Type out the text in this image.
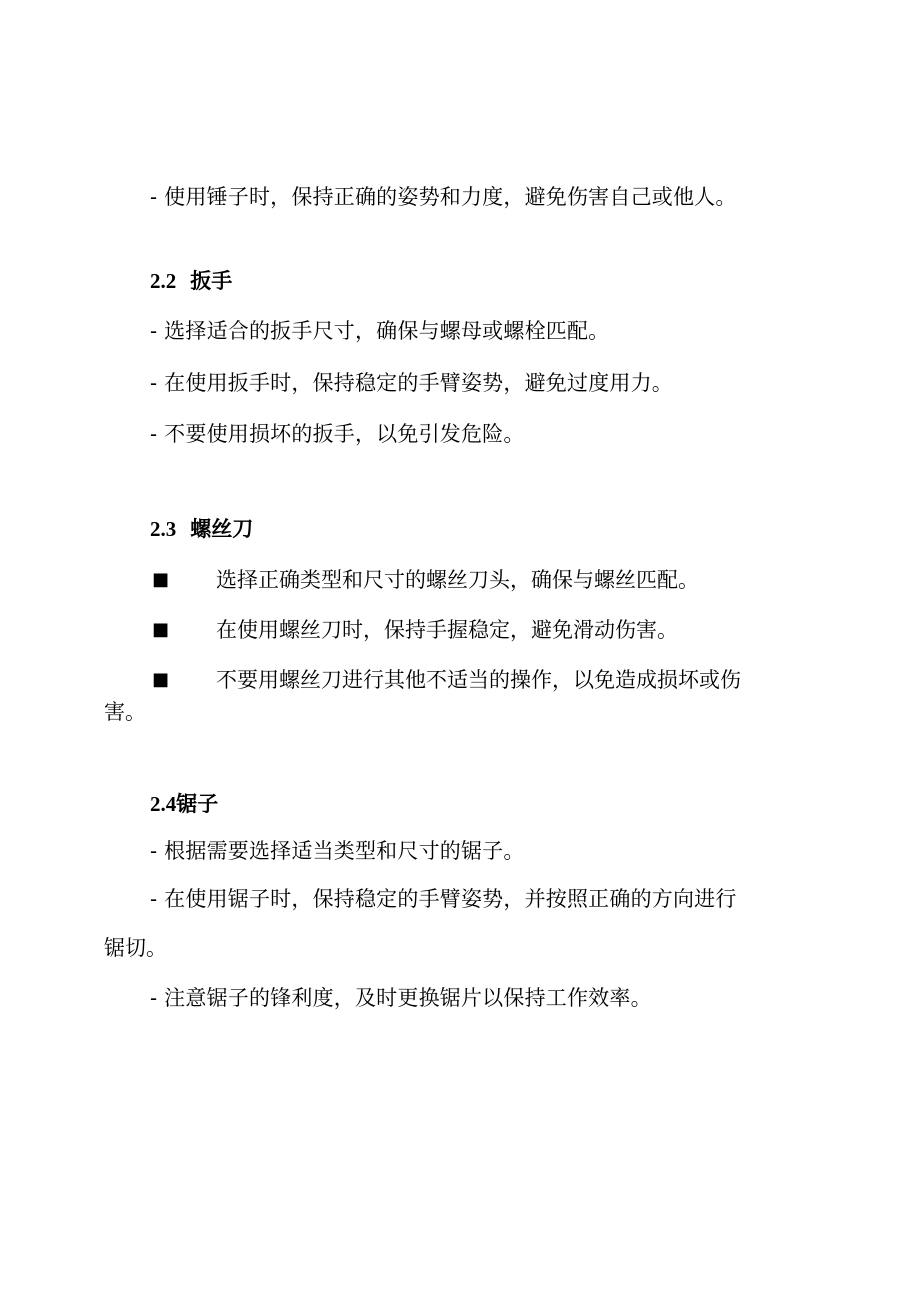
- 使用锤子时，保持正确的姿势和力度，避免伤害自己或他人。
2.2 扳手
- 选择适合的扳手尺寸，确保与螺母或螺栓匹配。
- 在使用扳手时，保持稳定的手臂姿势，避免过度用力。
- 不要使用损坏的扳手，以免引发危险。
2.3 螺丝刀
■ 选择正确类型和尺寸的螺丝刀头，确保与螺丝匹配。
■ 在使用螺丝刀时，保持手握稳定，避免滑动伤害。
■ 不要用螺丝刀进行其他不适当的操作，以免造成损坏或伤
害。
2.4锯子
- 根据需要选择适当类型和尺寸的锯子。
- 在使用锯子时，保持稳定的手臂姿势，并按照正确的方向进行
锯切。
- 注意锯子的锋利度，及时更换锯片以保持工作效率。
